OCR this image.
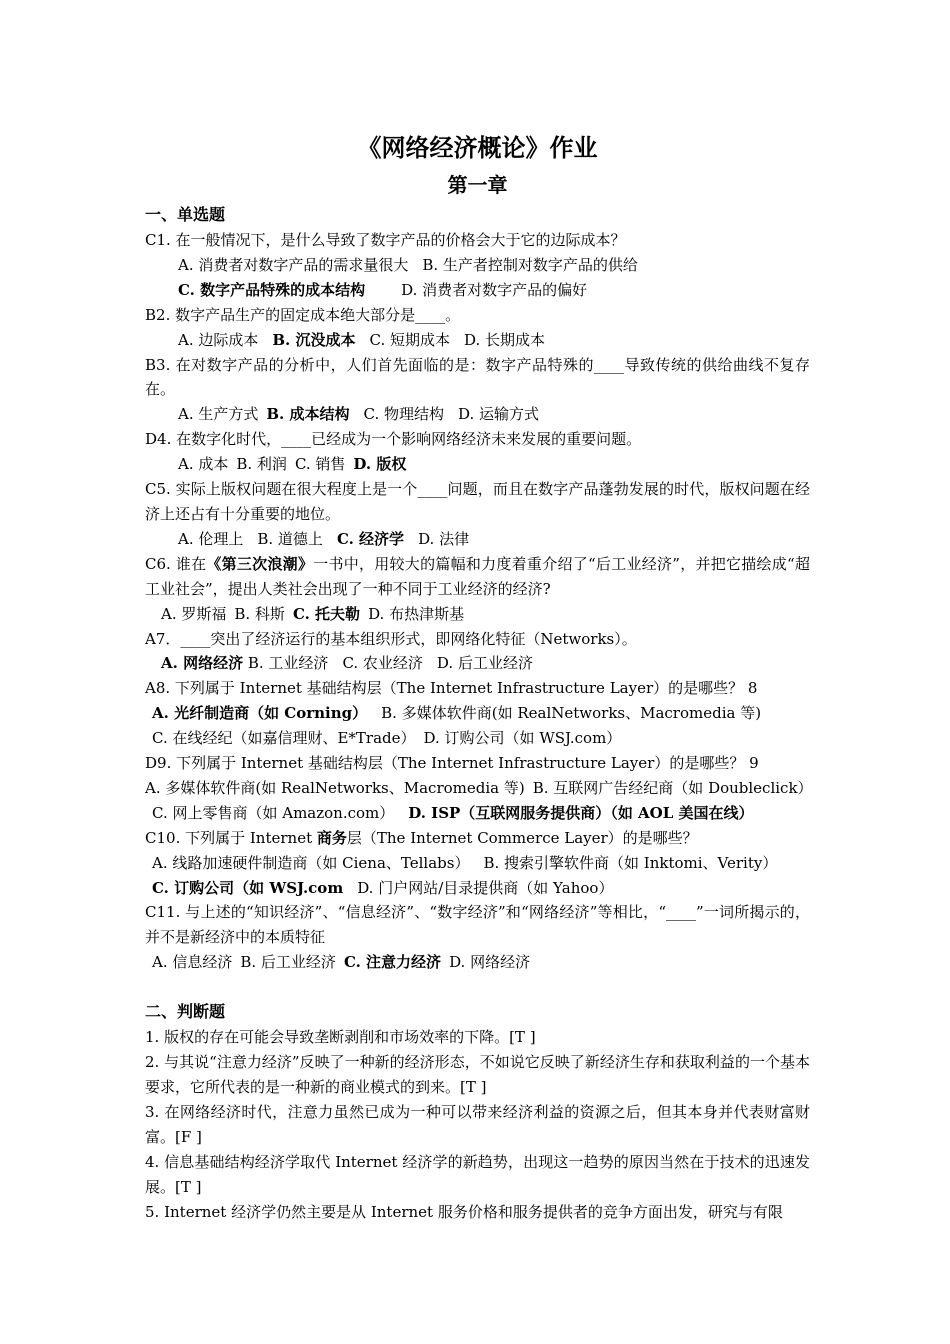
《网络经济概论》作业

第一章

一、单选题

C1. 在一般情况下，是什么导致了数字产品的价格会大于它的边际成本？

A. 消费者对数字产品的需求量很大 B. 生产者控制对数字产品的供给

C. 数字产品特殊的成本结构 D. 消费者对数字产品的偏好

B2. 数字产品生产的固定成本绝大部分是____。

A. 边际成本 B. 沉没成本 C. 短期成本 D. 长期成本

B3. 在对数字产品的分析中，人们首先面临的是：数字产品特殊的____导致传统的供给曲线不复存在。

A. 生产方式 B. 成本结构 C. 物理结构 D. 运输方式

D4. 在数字化时代，____已经成为一个影响网络经济未来发展的重要问题。

A. 成本 B. 利润 C. 销售 D. 版权

C5. 实际上版权问题在很大程度上是一个____问题，而且在数字产品蓬勃发展的时代，版权问题在经济上还占有十分重要的地位。

A. 伦理上 B. 道德上 C. 经济学 D. 法律

C6. 谁在《第三次浪潮》一书中，用较大的篇幅和力度着重介绍了“后工业经济”，并把它描绘成“超工业社会”，提出人类社会出现了一种不同于工业经济的经济?

A. 罗斯福 B. 科斯 C. 托夫勒 D. 布热津斯基

A7．____突出了经济运行的基本组织形式，即网络化特征（Networks）。

A. 网络经济 B. 工业经济 C. 农业经济 D. 后工业经济

A8. 下列属于 Internet 基础结构层（The Internet Infrastructure Layer）的是哪些？ 8

A. 光纤制造商（如 Corning） B. 多媒体软件商(如 RealNetworks、Macromedia 等)

C. 在线经纪（如嘉信理财、E*Trade） D. 订购公司（如 WSJ.com）

D9. 下列属于 Internet 基础结构层（The Internet Infrastructure Layer）的是哪些？ 9

A. 多媒体软件商(如 RealNetworks、Macromedia 等) B. 互联网广告经纪商（如 Doubleclick）

C. 网上零售商（如 Amazon.com） D. ISP（互联网服务提供商）（如 AOL 美国在线）

C10. 下列属于 Internet 商务层（The Internet Commerce Layer）的是哪些？

A. 线路加速硬件制造商（如 Ciena、Tellabs） B. 搜索引擎软件商（如 Inktomi、Verity）

C. 订购公司（如 WSJ.com D. 门户网站/目录提供商（如 Yahoo）

C11. 与上述的“知识经济”、“信息经济”、“数字经济”和“网络经济”等相比，“____”一词所揭示的，并不是新经济中的本质特征

A. 信息经济 B. 后工业经济 C. 注意力经济 D. 网络经济

二、判断题

1. 版权的存在可能会导致垄断剥削和市场效率的下降。[T ]

2. 与其说“注意力经济”反映了一种新的经济形态，不如说它反映了新经济生存和获取利益的一个基本要求，它所代表的是一种新的商业模式的到来。[T ]

3. 在网络经济时代，注意力虽然已成为一种可以带来经济利益的资源之后，但其本身并代表财富财富。[F ]

4. 信息基础结构经济学取代 Internet 经济学的新趋势，出现这一趋势的原因当然在于技术的迅速发展。[T ]

5. Internet 经济学仍然主要是从 Internet 服务价格和服务提供者的竞争方面出发，研究与有限
